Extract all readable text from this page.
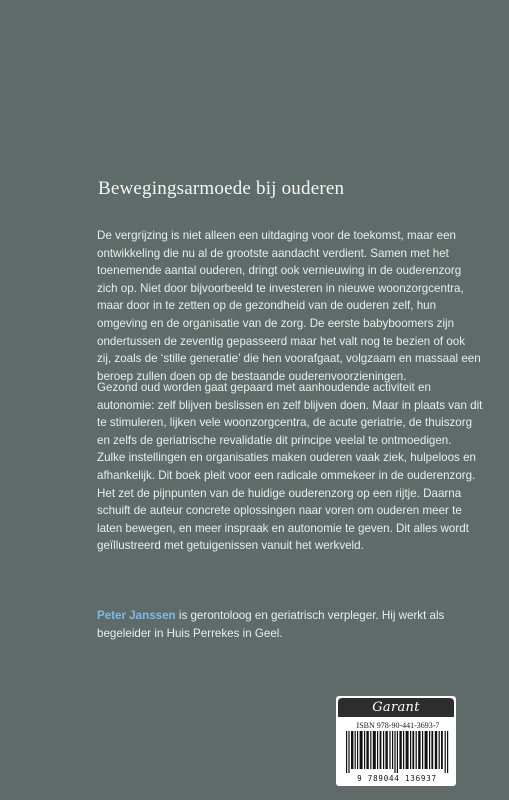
Bewegingsarmoede bij ouderen

De vergrijzing is niet alleen een uitdaging voor de toekomst, maar een
ontwikkeling die nu al de grootste aandacht verdient. Samen met het
toenemende aantal ouderen, dringt ook vernieuwing in de ouderenzorg
zich op. Niet door bijvoorbeeld te investeren in nieuwe woonzorgcentra,
maar door in te zetten op de gezondheid van de ouderen zelf, hun
omgeving en de organisatie van de zorg. De eerste babyboomers zijn
ondertussen de zeventig gepasseerd maar het valt nog te bezien of ook
zij, zoals de ‘stille generatie’ die hen voorafgaat, volgzaam en massaal een
beroep zullen doen op de bestaande ouderenvoorzieningen.

Gezond oud worden gaat gepaard met aanhoudende activiteit en
autonomie: zelf blijven beslissen en zelf blijven doen. Maar in plaats van dit
te stimuleren, lijken vele woonzorgcentra, de acute geriatrie, de thuiszorg
en zelfs de geriatrische revalidatie dit principe veelal te ontmoedigen.
Zulke instellingen en organisaties maken ouderen vaak ziek, hulpeloos en
afhankelijk. Dit boek pleit voor een radicale ommekeer in de ouderenzorg.
Het zet de pijnpunten van de huidige ouderenzorg op een rijtje. Daarna
schuift de auteur concrete oplossingen naar voren om ouderen meer te
laten bewegen, en meer inspraak en autonomie te geven. Dit alles wordt
geïllustreerd met getuigenissen vanuit het werkveld.

Peter Janssen is gerontoloog en geriatrisch verpleger. Hij werkt als
begeleider in Huis Perrekes in Geel.

Garant
ISBN 978-90-441-3693-7
9 789044 136937
